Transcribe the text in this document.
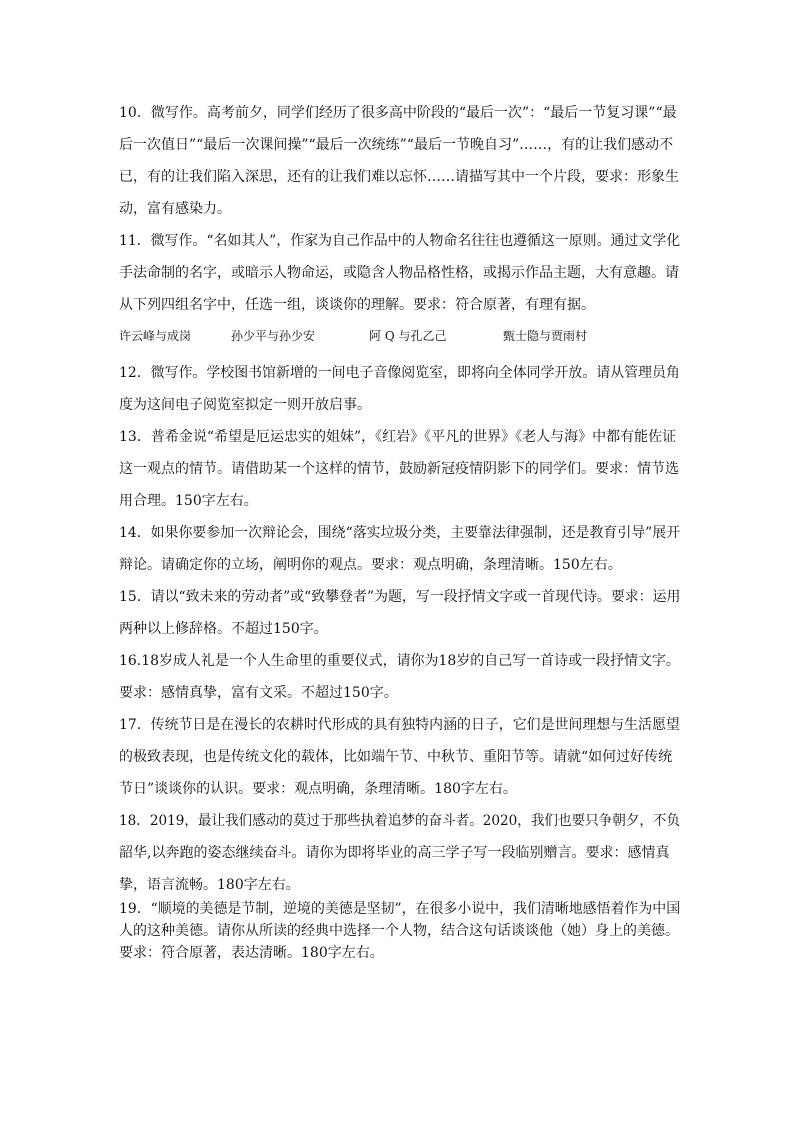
10．微写作。高考前夕，同学们经历了很多高中阶段的“最后一次”：“最后一节复习课”“最
后一次值日”“最后一次课间操”“最后一次统练”“最后一节晚自习”……，有的让我们感动不
已，有的让我们陷入深思，还有的让我们难以忘怀……请描写其中一个片段，要求：形象生
动，富有感染力。
11．微写作。“名如其人”，作家为自己作品中的人物命名往往也遵循这一原则。通过文学化
手法命制的名字，或暗示人物命运，或隐含人物品格性格，或揭示作品主题，大有意趣。请
从下列四组名字中，任选一组，谈谈你的理解。要求：符合原著，有理有据。
许云峰与成岗	孙少平与孙少安	阿 Q 与孔乙己	甄士隐与贾雨村
12．微写作。学校图书馆新增的一间电子音像阅览室，即将向全体同学开放。请从管理员角
度为这间电子阅览室拟定一则开放启事。
13．普希金说“希望是厄运忠实的姐妹”，《红岩》《平凡的世界》《老人与海》中都有能佐证
这一观点的情节。请借助某一个这样的情节，鼓励新冠疫情阴影下的同学们。要求：情节选
用合理。150字左右。
14．如果你要参加一次辩论会，围绕“落实垃圾分类，主要靠法律强制，还是教育引导”展开
辩论。请确定你的立场，阐明你的观点。要求：观点明确，条理清晰。150左右。
15．请以“致未来的劳动者”或“致攀登者”为题，写一段抒情文字或一首现代诗。要求：运用
两种以上修辞格。不超过150字。
16.18岁成人礼是一个人生命里的重要仪式，请你为18岁的自己写一首诗或一段抒情文字。
要求：感情真挚，富有文采。不超过150字。
17．传统节日是在漫长的农耕时代形成的具有独特内涵的日子，它们是世间理想与生活愿望
的极致表现，也是传统文化的载体，比如端午节、中秋节、重阳节等。请就“如何过好传统
节日”谈谈你的认识。要求：观点明确，条理清晰。180字左右。
18．2019，最让我们感动的莫过于那些执着追梦的奋斗者。2020，我们也要只争朝夕，不负
韶华,以奔跑的姿态继续奋斗。请你为即将毕业的高三学子写一段临别赠言。要求：感情真
挚，语言流畅。180字左右。
19．“顺境的美德是节制，逆境的美德是坚韧”，在很多小说中，我们清晰地感悟着作为中国
人的这种美德。请你从所读的经典中选择一个人物，结合这句话谈谈他（她）身上的美德。
要求：符合原著，表达清晰。180字左右。
